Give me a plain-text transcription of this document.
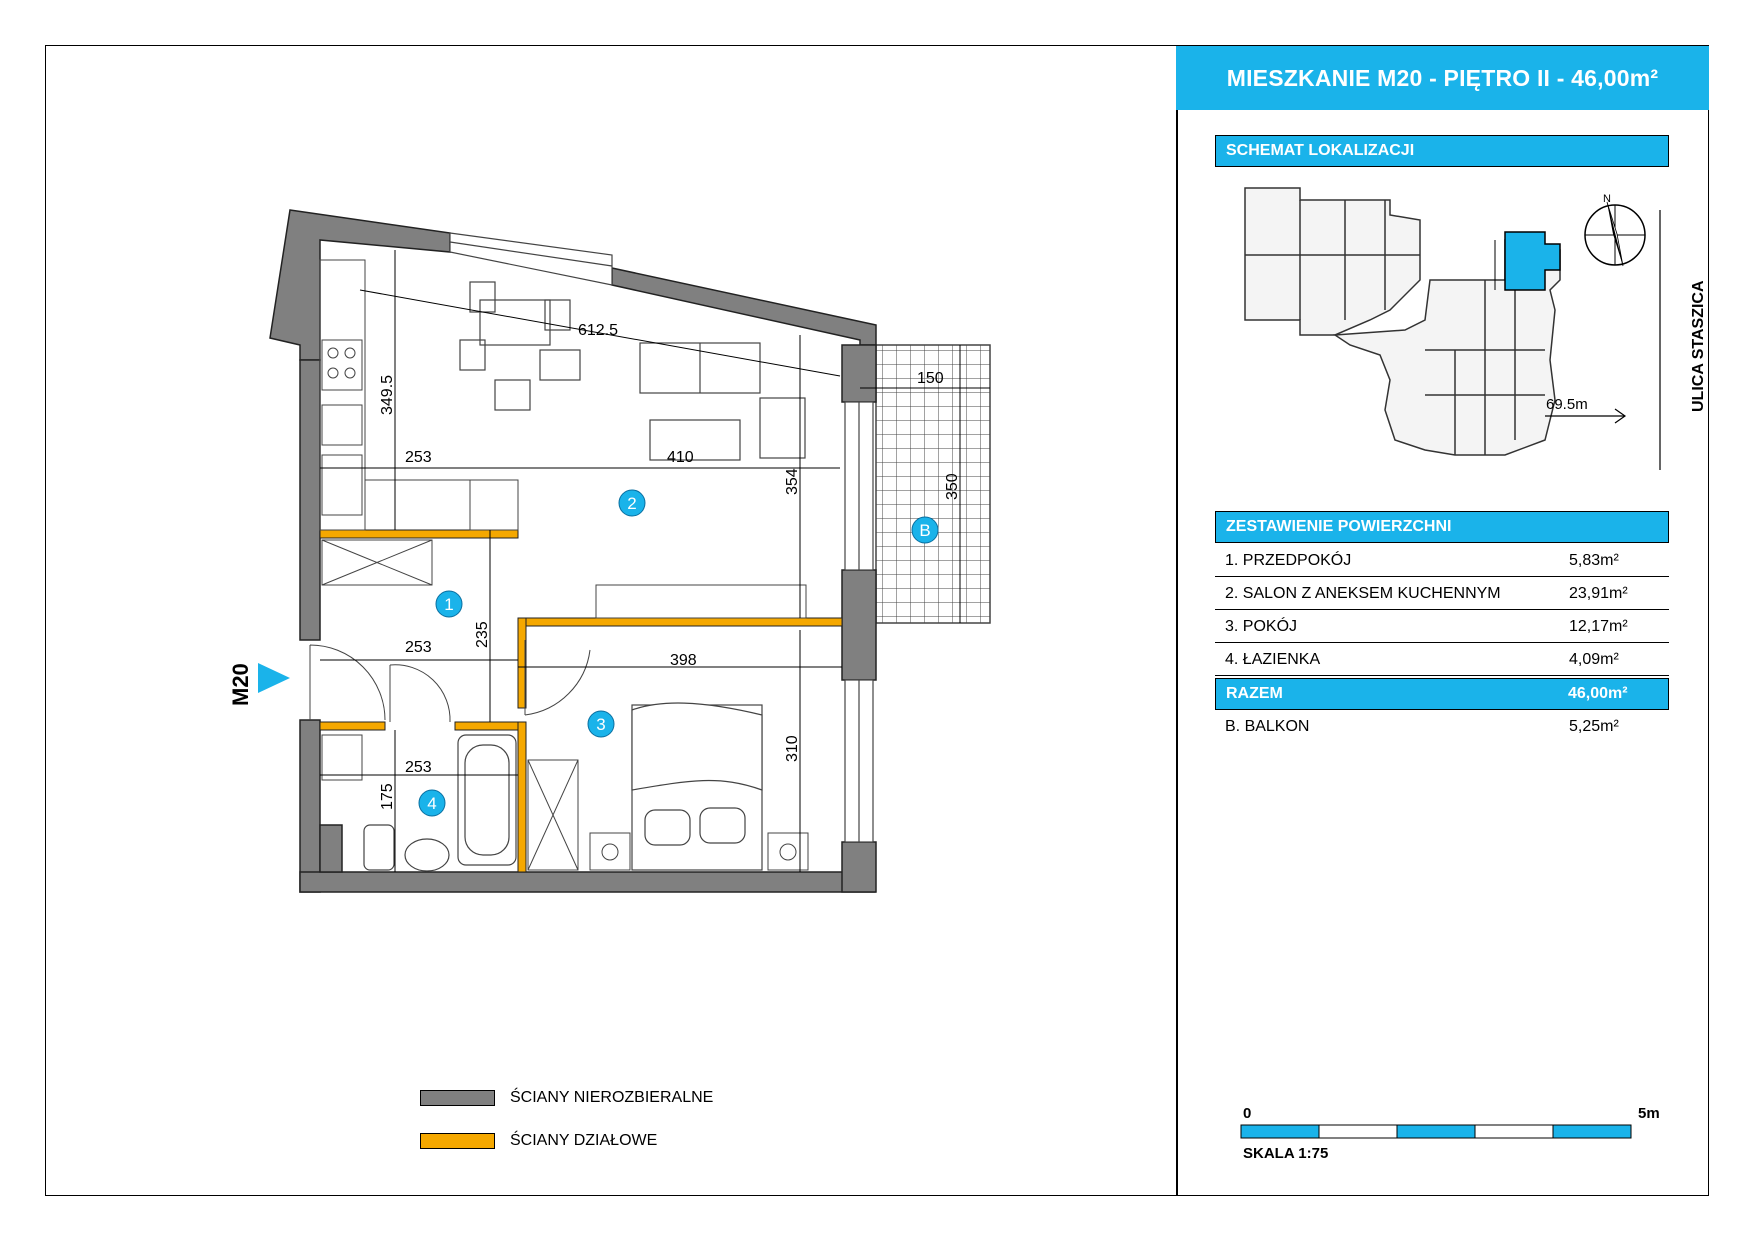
MIESZKANIE M20 - PIĘTRO II - 46,00m²
SCHEMAT LOKALIZACJI
ZESTAWIENIE POWIERZCHNI
1. PRZEDPOKÓJ	5,83m²
2. SALON Z ANEKSEM KUCHENNYM	23,91m²
3. POKÓJ	12,17m²
4. ŁAZIENKA	4,09m²
RAZEM	46,00m²
B. BALKON	5,25m²
0	5m
SKALA 1:75
N
69.5m	ULICA STASZICA
1
2
3
4
B
612.5
349.5
253	410
354
150
350
253	235
398
310
253
175
M20
ŚCIANY NIEROZBIERALNE
ŚCIANY DZIAŁOWE
